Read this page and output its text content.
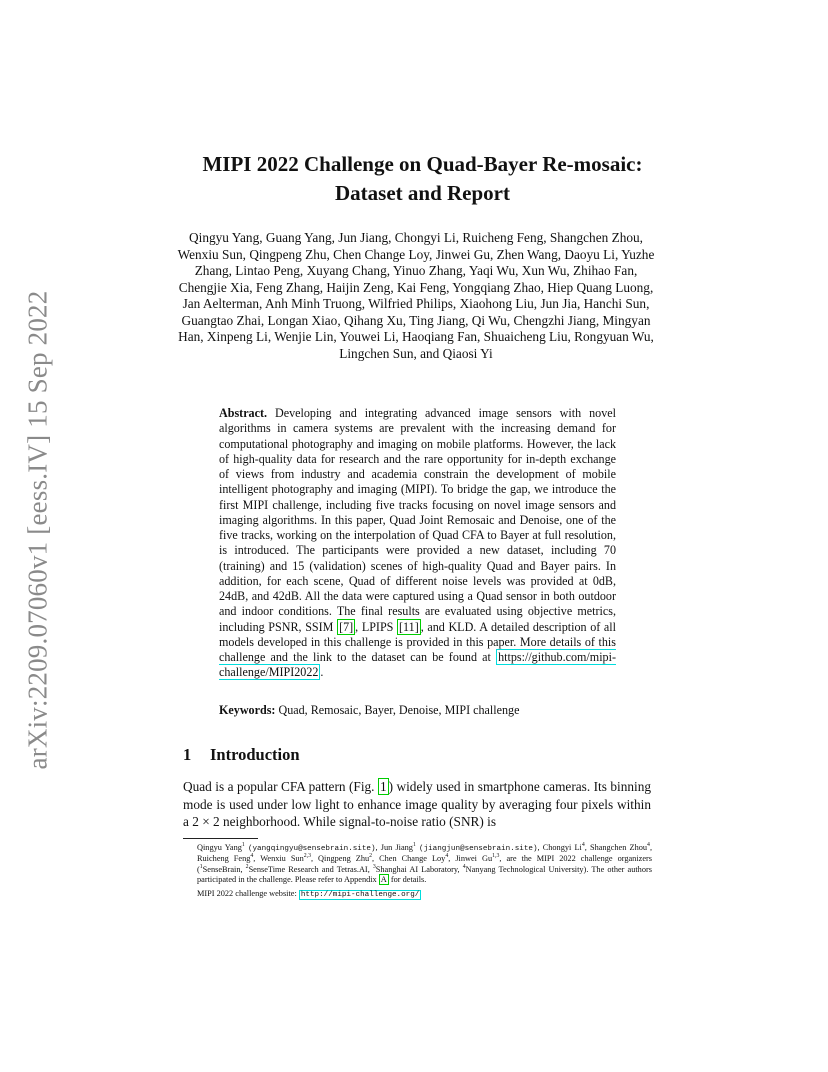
arXiv:2209.07060v1 [eess.IV] 15 Sep 2022
MIPI 2022 Challenge on Quad-Bayer Re-mosaic:
Dataset and Report
Qingyu Yang, Guang Yang, Jun Jiang, Chongyi Li, Ruicheng Feng, Shangchen Zhou, Wenxiu Sun, Qingpeng Zhu, Chen Change Loy, Jinwei Gu, Zhen Wang, Daoyu Li, Yuzhe Zhang, Lintao Peng, Xuyang Chang, Yinuo Zhang, Yaqi Wu, Xun Wu, Zhihao Fan, Chengjie Xia, Feng Zhang, Haijin Zeng, Kai Feng, Yongqiang Zhao, Hiep Quang Luong, Jan Aelterman, Anh Minh Truong, Wilfried Philips, Xiaohong Liu, Jun Jia, Hanchi Sun, Guangtao Zhai, Longan Xiao, Qihang Xu, Ting Jiang, Qi Wu, Chengzhi Jiang, Mingyan Han, Xinpeng Li, Wenjie Lin, Youwei Li, Haoqiang Fan, Shuaicheng Liu, Rongyuan Wu, Lingchen Sun, and Qiaosi Yi
Abstract. Developing and integrating advanced image sensors with novel algorithms in camera systems are prevalent with the increasing demand for computational photography and imaging on mobile platforms. However, the lack of high-quality data for research and the rare opportunity for in-depth exchange of views from industry and academia constrain the development of mobile intelligent photography and imaging (MIPI). To bridge the gap, we introduce the first MIPI challenge, including five tracks focusing on novel image sensors and imaging algorithms. In this paper, Quad Joint Remosaic and Denoise, one of the five tracks, working on the interpolation of Quad CFA to Bayer at full resolution, is introduced. The participants were provided a new dataset, including 70 (training) and 15 (validation) scenes of high-quality Quad and Bayer pairs. In addition, for each scene, Quad of different noise levels was provided at 0dB, 24dB, and 42dB. All the data were captured using a Quad sensor in both outdoor and indoor conditions. The final results are evaluated using objective metrics, including PSNR, SSIM [7] , LPIPS [11] , and KLD. A detailed description of all models developed in this challenge is provided in this paper. More details of this challenge and the link to the dataset can be found at https://github.com/mipi-challenge/MIPI2022 .
Keywords: Quad, Remosaic, Bayer, Denoise, MIPI challenge
1 Introduction
Quad is a popular CFA pattern (Fig. 1 ) widely used in smartphone cameras. Its binning mode is used under low light to enhance image quality by averaging four pixels within a 2 × 2 neighborhood. While signal-to-noise ratio (SNR) is
Qingyu Yang$^1$ (yangqingyu@sensebrain.site), Jun Jiang$^1$ (jiangjun@sensebrain.site), Chongyi Li$^4$, Shangchen Zhou$^4$, Ruicheng Feng$^4$, Wenxiu Sun$^{2,3}$, Qingpeng Zhu$^2$, Chen Change Loy$^4$, Jinwei Gu$^{1,3}$, are the MIPI 2022 challenge organizers ($^1$SenseBrain, $^2$SenseTime Research and Tetras.AI, $^3$Shanghai AI Laboratory, $^4$Nanyang Technological University). The other authors participated in the challenge. Please refer to Appendix A for details.
MIPI 2022 challenge website: http://mipi-challenge.org/
